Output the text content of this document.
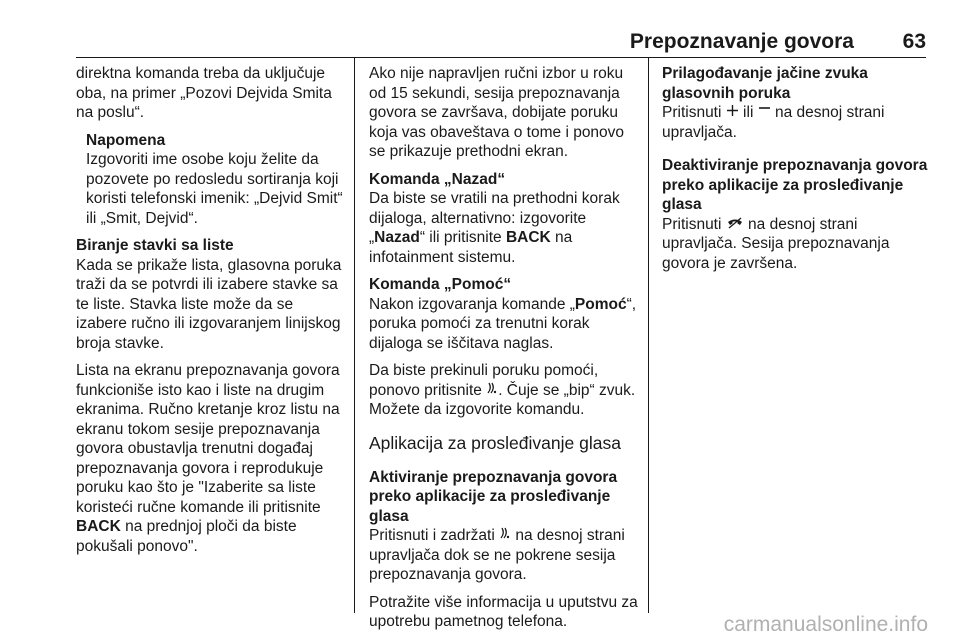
Prepoznavanje govora 63

direktna komanda treba da uključuje oba, na primer „Pozovi Dejvida Smita na poslu“.

Napomena
Izgovoriti ime osobe koju želite da pozovete po redosledu sortiranja koji koristi telefonski imenik: „Dejvid Smit“ ili „Smit, Dejvid“.
Biranje stavki sa liste

Kada se prikaže lista, glasovna poruka traži da se potvrdi ili izabere stavke sa te liste. Stavka liste može da se izabere ručno ili izgovaranjem linijskog broja stavke.

Lista na ekranu prepoznavanja govora funkcioniše isto kao i liste na drugim ekranima. Ručno kretanje kroz listu na ekranu tokom sesije prepoznavanja govora obustavlja trenutni događaj prepoznavanja govora i reprodukuje poruku kao što je "Izaberite sa liste koristeći ručne komande ili pritisnite BACK na prednjoj ploči da biste pokušali ponovo".

Ako nije napravljen ručni izbor u roku od 15 sekundi, sesija prepoznavanja govora se završava, dobijate poruku koja vas obaveštava o tome i ponovo se prikazuje prethodni ekran.

Komanda „Nazad“

Da biste se vratili na prethodni korak dijaloga, alternativno: izgovorite „Nazad“ ili pritisnite BACK na infotainment sistemu.

Komanda „Pomoć“

Nakon izgovaranja komande „Pomoć“, poruka pomoći za trenutni korak dijaloga se iščitava naglas.

Da biste prekinuli poruku pomoći, ponovo pritisnite . Čuje se „bip“ zvuk. Možete da izgovorite komandu.

Aplikacija za prosleđivanje glasa
Aktiviranje prepoznavanja govora preko aplikacije za prosleđivanje glasa

Pritisnuti i zadržati  na desnoj strani upravljača dok se ne pokrene sesija prepoznavanja govora.

Potražite više informacija u uputstvu za upotrebu pametnog telefona.

Prilagođavanje jačine zvuka glasovnih poruka

Pritisnuti  ili  na desnoj strani upravljača.

Deaktiviranje prepoznavanja govora preko aplikacije za prosleđivanje glasa

Pritisnuti  na desnoj strani upravljača. Sesija prepoznavanja govora je završena.

carmanualsonline.info
